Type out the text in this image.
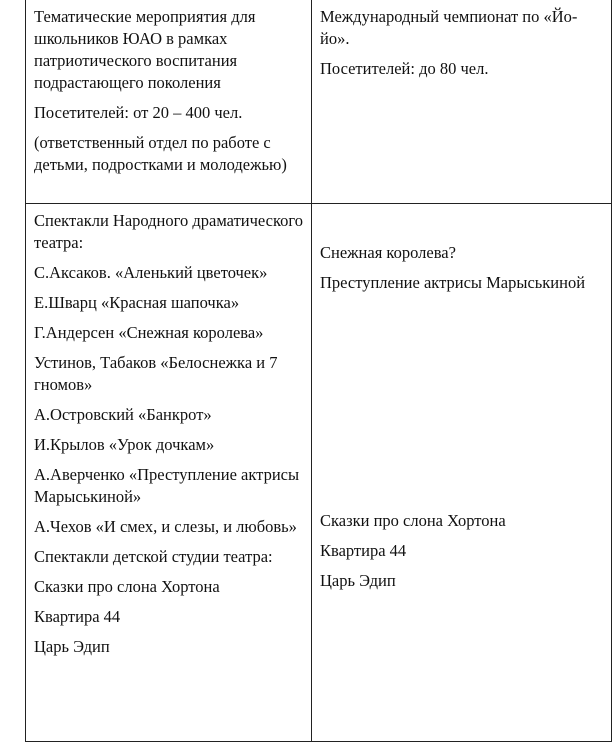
Тематические мероприятия для школьников ЮАО в рамках патриотического воспитания подрастающего поколения

Посетителей: от 20 – 400 чел.

(ответственный отдел по работе с детьми, подростками и молодежью)

Международный чемпионат по «Йо-йо».

Посетителей: до 80 чел.

Спектакли Народного драматического театра:

С.Аксаков. «Аленький цветочек»

Е.Шварц «Красная шапочка»

Г.Андерсен «Снежная королева»

Устинов, Табаков «Белоснежка и 7 гномов»

А.Островский «Банкрот»

И.Крылов «Урок дочкам»

А.Аверченко «Преступление актрисы Марыськиной»

А.Чехов «И смех, и слезы, и любовь»

Спектакли детской студии театра:

Сказки про слона Хортона

Квартира 44

Царь Эдип

Снежная королева?

Преступление актрисы Марыськиной

Сказки про слона Хортона

Квартира 44

Царь Эдип
